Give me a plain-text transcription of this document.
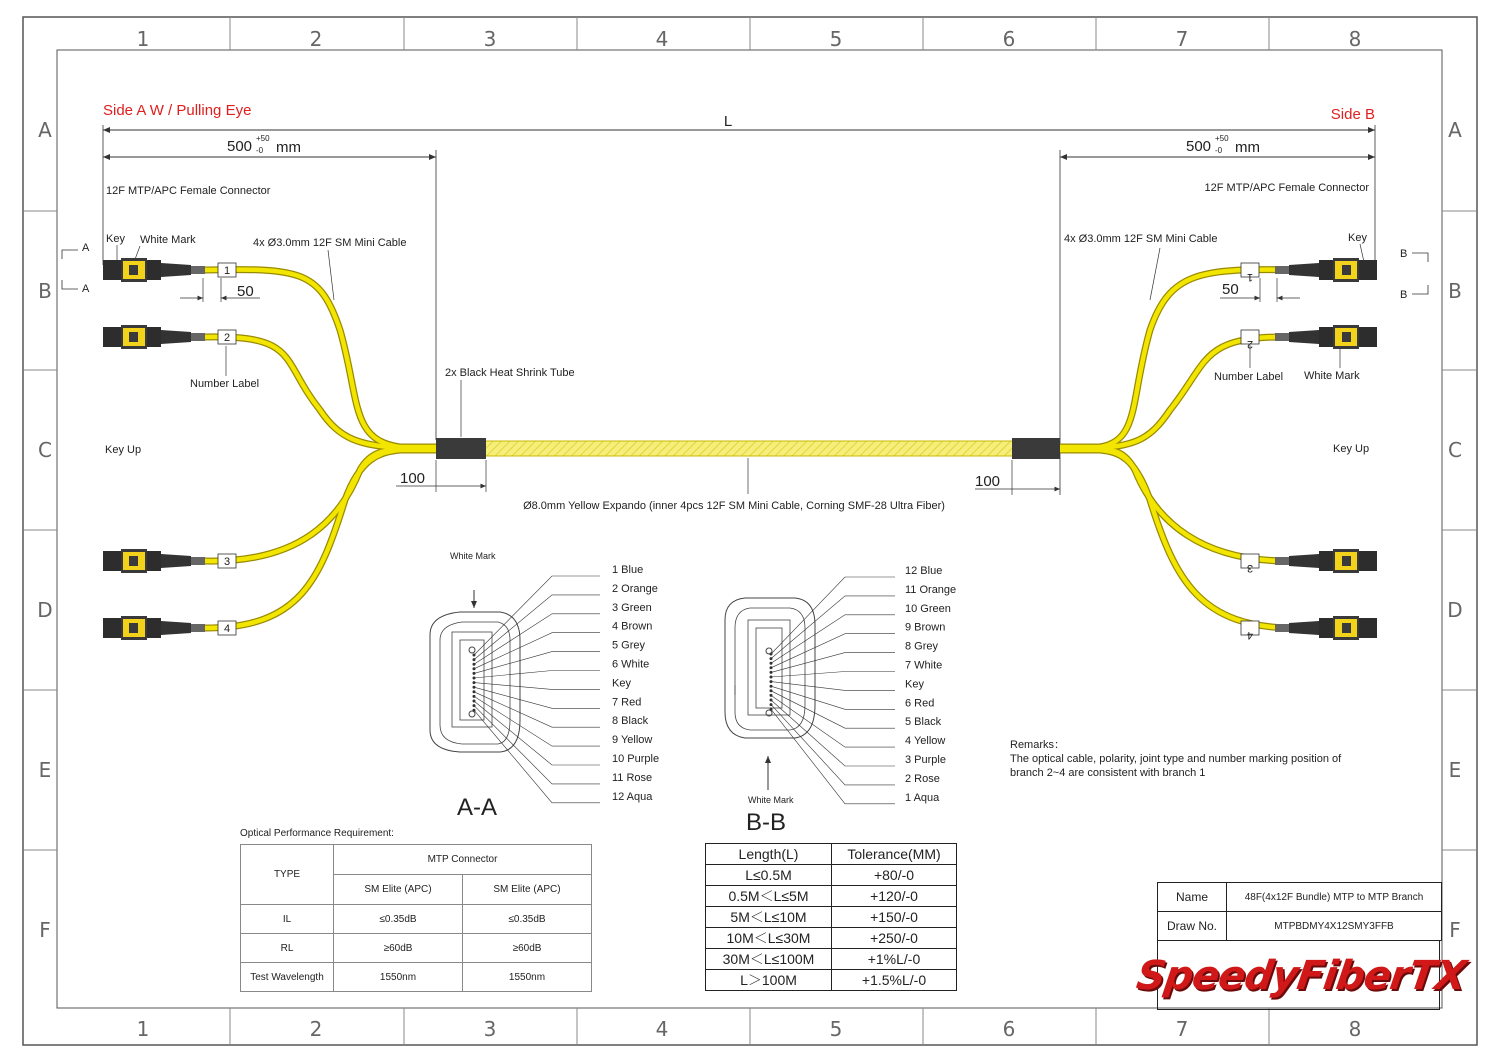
1
1
2
2
3
3
4
4
5
5
6
6
7
7
8
8
A	A
B	B
C	C
D	D
E	E
F	F
L
Side A W / Pulling Eye	Side B
500 +50
-0 mm	500 +50
-0 mm
12F MTP/APC Female Connector
Key White Mark	4x Ø3.0mm 12F SM Mini Cable
Number Label
Key Up
A
A
12F MTP/APC Female Connector
Key
4x Ø3.0mm 12F SM Mini Cable
Number Label White Mark
Key Up
B
B
2x Black Heat Shrink Tube
Ø8.0mm Yellow Expando (inner 4pcs 12F SM Mini Cable, Corning SMF-28 Ultra Fiber)
100	100
50	50
1
2
3
4
1
2
3
4
White Mark
A-A
1 Blue
2 Orange
3 Green
4 Brown
5 Grey
6 White
Key
7 Red
8 Black
9 Yellow
10 Purple
11 Rose
12 Aqua	White Mark
B-B
12 Blue
11 Orange
10 Green
9 Brown
8 Grey
7 White
Key
6 Red
5 Black
4 Yellow
3 Purple
2 Rose
1 Aqua
Remarks：
The optical cable, polarity, joint type and number marking position of
branch 2~4 are consistent with branch 1
Optical Performance Requirement:
TYPE	MTP Connector	
	SM Elite (APC)	SM Elite (APC)
IL	≤0.35dB	≤0.35dB
RL	≥60dB	≥60dB
Test Wavelength	1550nm	1550nm
Length(L)	Tolerance(MM)
L≤0.5M	+80/-0
0.5M＜L≤5M	+120/-0
5M＜L≤10M	+150/-0
10M＜L≤30M	+250/-0
30M＜L≤100M	+1%L/-0
L＞100M	+1.5%L/-0
Name	48F(4x12F Bundle) MTP to MTP Branch
Draw No.	MTPBDMY4X12SMY3FFB
SpeedyFiberTX
